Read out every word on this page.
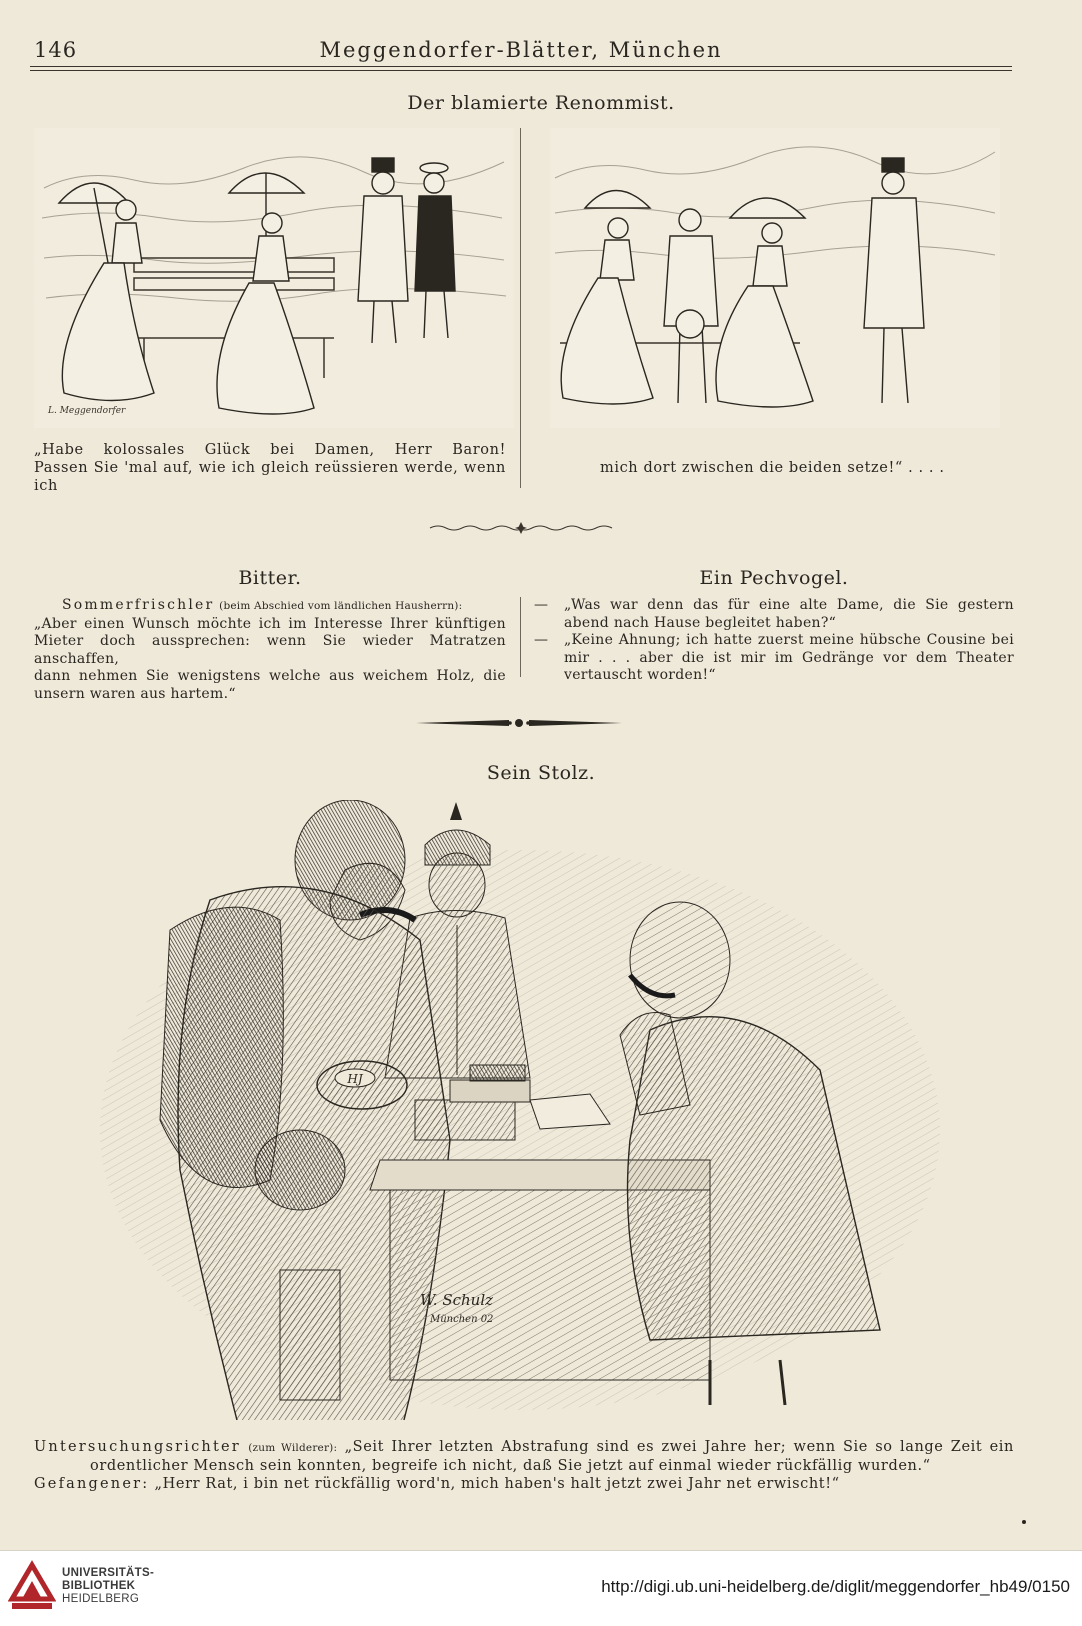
146	Meggendorfer-Blätter, München
Der blamierte Renommist.
L. Meggendorfer
„Habe kolossales Glück bei Damen, Herr Baron!
Passen Sie 'mal auf, wie ich gleich reüssieren werde, wenn ich
mich dort zwischen die beiden setze!“ . . . .
Bitter.

Sommerfrischler (beim Abschied vom ländlichen Hausherrn):

„Aber einen Wunsch möchte ich im Interesse Ihrer künftigen

Mieter doch aussprechen: wenn Sie wieder Matratzen anschaffen,

dann nehmen Sie wenigstens welche aus weichem Holz, die

unsern waren aus hartem.“

Ein Pechvogel.
—	„Was war denn das für eine alte Dame, die Sie gestern

abend nach Hause begleitet haben?“

—	„Keine Ahnung; ich hatte zuerst meine hübsche Cousine bei

mir . . . aber die ist mir im Gedränge vor dem Theater

vertauscht worden!“

Sein Stolz.
HJ
W. Schulz
München 02
Untersuchungsrichter (zum Wilderer): „Seit Ihrer letzten Abstrafung sind es zwei Jahre her; wenn Sie so lange Zeit ein
ordentlicher Mensch sein konnten, begreife ich nicht, daß Sie jetzt auf einmal wieder rückfällig wurden.“
Gefangener: „Herr Rat, i bin net rückfällig word'n, mich haben's halt jetzt zwei Jahr net erwischt!“
UNIVERSITÄTS-
BIBLIOTHEK
HEIDELBERG
http://digi.ub.uni-heidelberg.de/diglit/meggendorfer_hb49/0150
